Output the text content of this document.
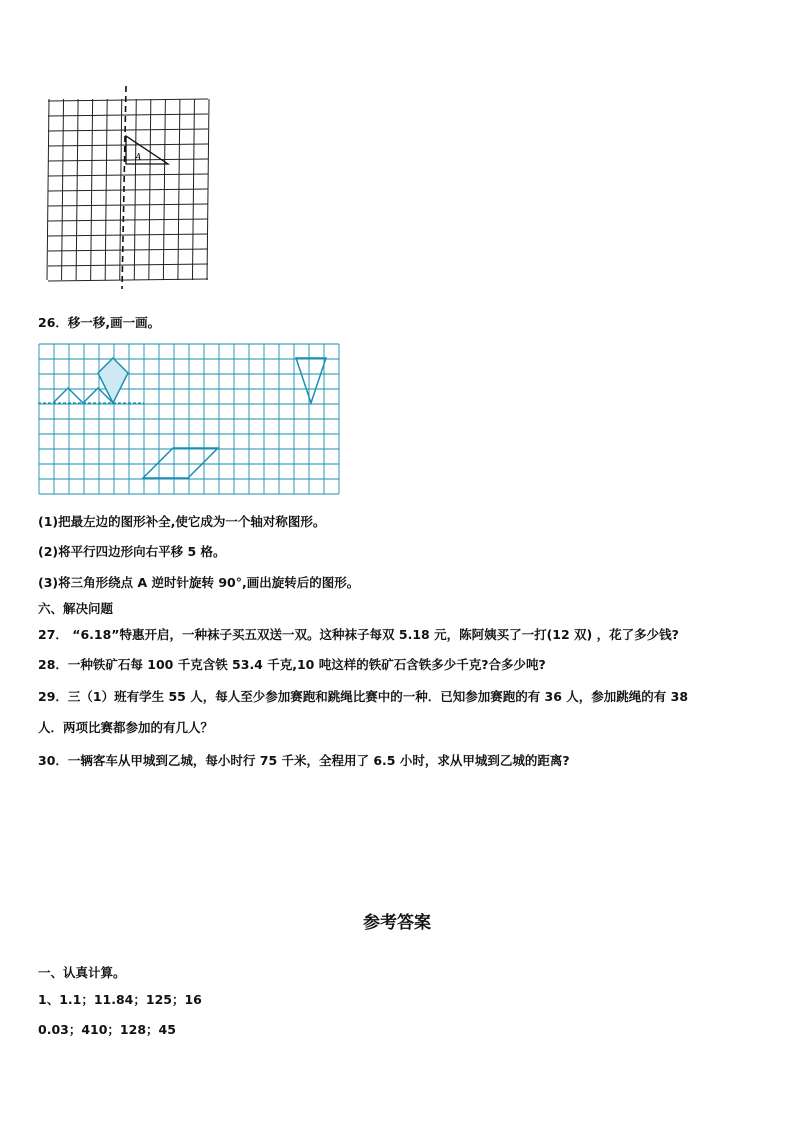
A
26．移一移,画一画。
(1)把最左边的图形补全,使它成为一个轴对称图形。
(2)将平行四边形向右平移 5 格。
(3)将三角形绕点 A 逆时针旋转 90°,画出旋转后的图形。
六、解决问题
27． “6.18”特惠开启，一种袜子买五双送一双。这种袜子每双 5.18 元，陈阿姨买了一打(12 双) ，花了多少钱?
28．一种铁矿石每 100 千克含铁 53.4 千克,10 吨这样的铁矿石含铁多少千克?合多少吨?
29．三（1）班有学生 55 人，每人至少参加赛跑和跳绳比赛中的一种．已知参加赛跑的有 36 人，参加跳绳的有 38
人．两项比赛都参加的有几人？
30．一辆客车从甲城到乙城，每小时行 75 千米，全程用了 6.5 小时，求从甲城到乙城的距离?
参考答案
一、认真计算。
1、1.1；11.84；125；16
0.03；410；128；45
